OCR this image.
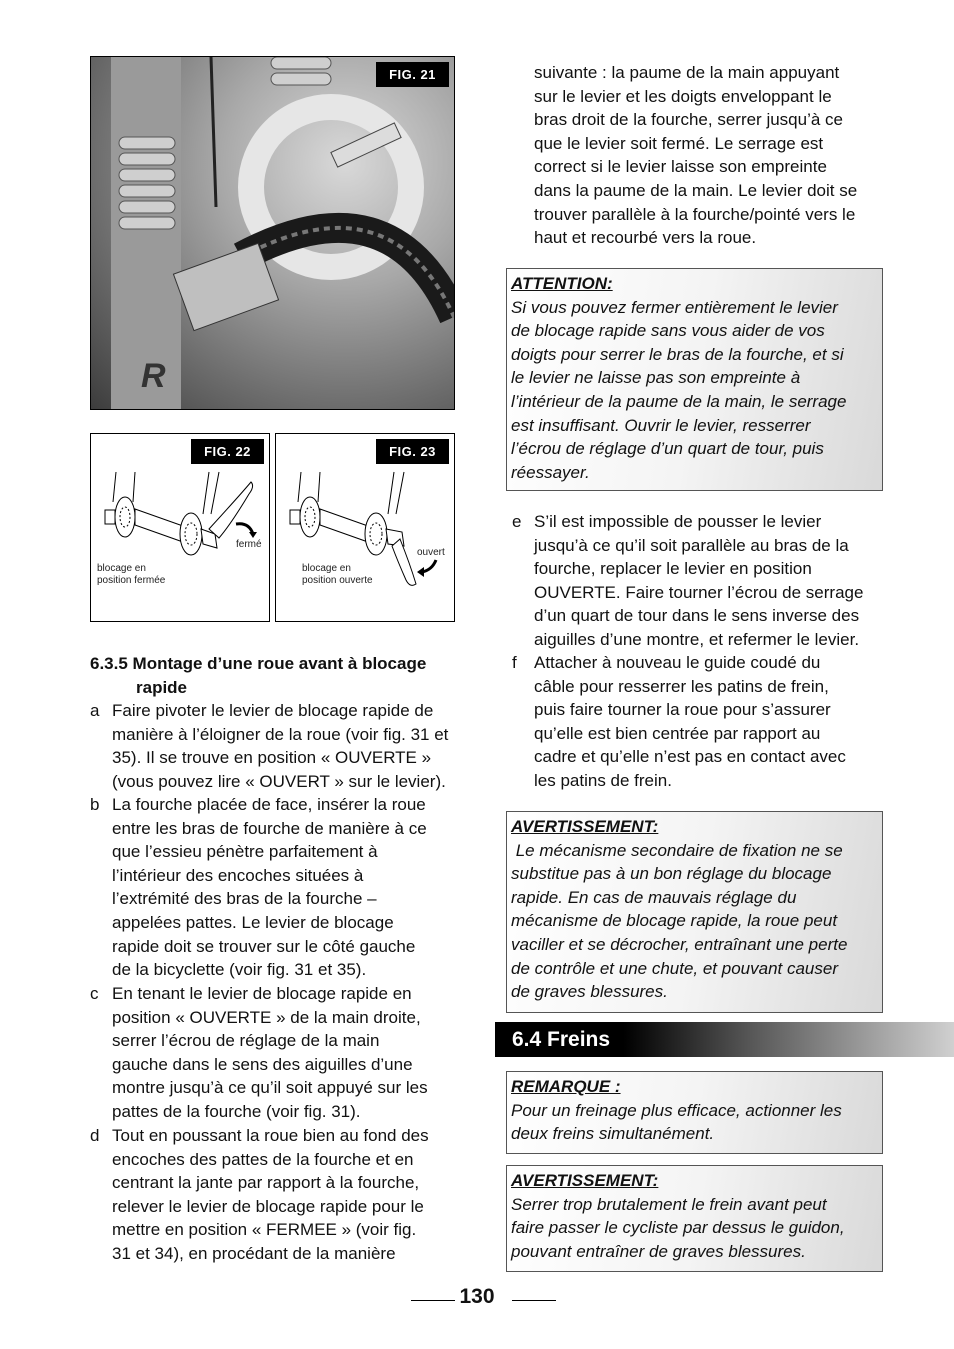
R
FIG. 21
FIG. 22
fermé
blocage en
position fermée
FIG. 23
ouvert
blocage en
position ouverte
6.3.5 Montage d’une roue avant à blocage
rapide
a Faire pivoter le levier de blocage rapide de
manière à l’éloigner de la roue (voir fig. 31 et
35). Il se trouve en position « OUVERTE »
(vous pouvez lire « OUVERT » sur le levier).
b La fourche placée de face, insérer la roue
entre les bras de fourche de manière à ce
que l’essieu pénètre parfaitement à
l’intérieur des encoches situées à
l’extrémité des bras de la fourche –
appelées pattes. Le levier de blocage
rapide doit se trouver sur le côté gauche
de la bicyclette (voir fig. 31 et 35).
c En tenant le levier de blocage rapide en
position « OUVERTE » de la main droite,
serrer l’écrou de réglage de la main
gauche dans le sens des aiguilles d’une
montre jusqu’à ce qu’il soit appuyé sur les
pattes de la fourche (voir fig. 31).
d Tout en poussant la roue bien au fond des
encoches des pattes de la fourche et en
centrant la jante par rapport à la fourche,
relever le levier de blocage rapide pour le
mettre en position « FERMEE » (voir fig.
31 et 34), en procédant de la manière
suivante : la paume de la main appuyant
sur le levier et les doigts enveloppant le
bras droit de la fourche, serrer jusqu’à ce
que le levier soit fermé. Le serrage est
correct si le levier laisse son empreinte
dans la paume de la main. Le levier doit se
trouver parallèle à la fourche/pointé vers le
haut et recourbé vers la roue.
ATTENTION:
Si vous pouvez fermer entièrement le levier
de blocage rapide sans vous aider de vos
doigts pour serrer le bras de la fourche, et si
le levier ne laisse pas son empreinte à
l’intérieur de la paume de la main, le serrage
est insuffisant. Ouvrir le levier, resserrer
l’écrou de réglage d’un quart de tour, puis
réessayer.
e S’il est impossible de pousser le levier
jusqu’à ce qu’il soit parallèle au bras de la
fourche, replacer le levier en position
OUVERTE. Faire tourner l’écrou de serrage
d’un quart de tour dans le sens inverse des
aiguilles d’une montre, et refermer le levier.
f Attacher à nouveau le guide coudé du
câble pour resserrer les patins de frein,
puis faire tourner la roue pour s’assurer
qu’elle est bien centrée par rapport au
cadre et qu’elle n’est pas en contact avec
les patins de frein.
AVERTISSEMENT:
Le mécanisme secondaire de fixation ne se
substitue pas à un bon réglage du blocage
rapide. En cas de mauvais réglage du
mécanisme de blocage rapide, la roue peut
vaciller et se décrocher, entraînant une perte
de contrôle et une chute, et pouvant causer
de graves blessures.
6.4 Freins
REMARQUE :
Pour un freinage plus efficace, actionner les
deux freins simultanément.
AVERTISSEMENT:
Serrer trop brutalement le frein avant peut
faire passer le cycliste par dessus le guidon,
pouvant entraîner de graves blessures.
130
